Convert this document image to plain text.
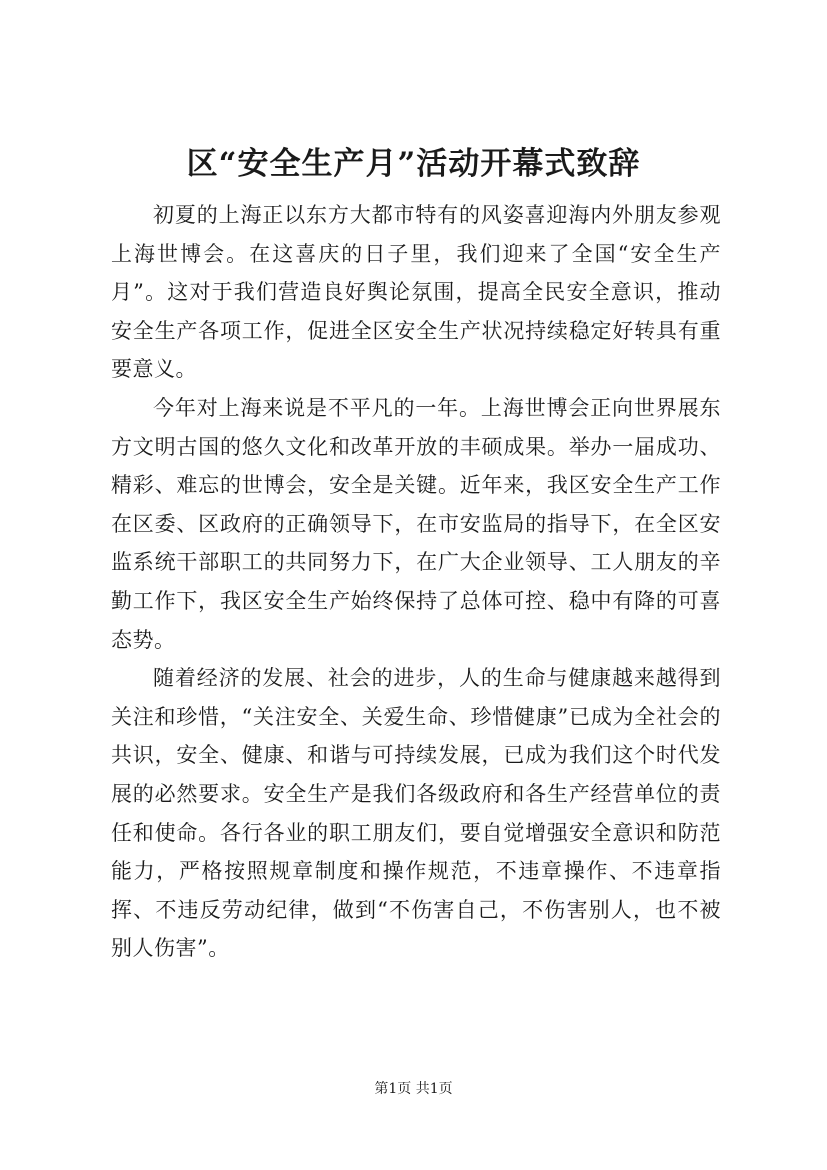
区“安全生产月”活动开幕式致辞

初夏的上海正以东方大都市特有的风姿喜迎海内外朋友参观上海世博会。在这喜庆的日子里，我们迎来了全国“安全生产月”。这对于我们营造良好舆论氛围，提高全民安全意识，推动安全生产各项工作，促进全区安全生产状况持续稳定好转具有重要意义。

今年对上海来说是不平凡的一年。上海世博会正向世界展东方文明古国的悠久文化和改革开放的丰硕成果。举办一届成功、精彩、难忘的世博会，安全是关键。近年来，我区安全生产工作在区委、区政府的正确领导下，在市安监局的指导下，在全区安监系统干部职工的共同努力下，在广大企业领导、工人朋友的辛勤工作下，我区安全生产始终保持了总体可控、稳中有降的可喜态势。

随着经济的发展、社会的进步，人的生命与健康越来越得到关注和珍惜，“关注安全、关爱生命、珍惜健康”已成为全社会的共识，安全、健康、和谐与可持续发展，已成为我们这个时代发展的必然要求。安全生产是我们各级政府和各生产经营单位的责任和使命。各行各业的职工朋友们，要自觉增强安全意识和防范能力，严格按照规章制度和操作规范，不违章操作、不违章指挥、不违反劳动纪律，做到“不伤害自己，不伤害别人，也不被别人伤害”。

第1页 共1页
